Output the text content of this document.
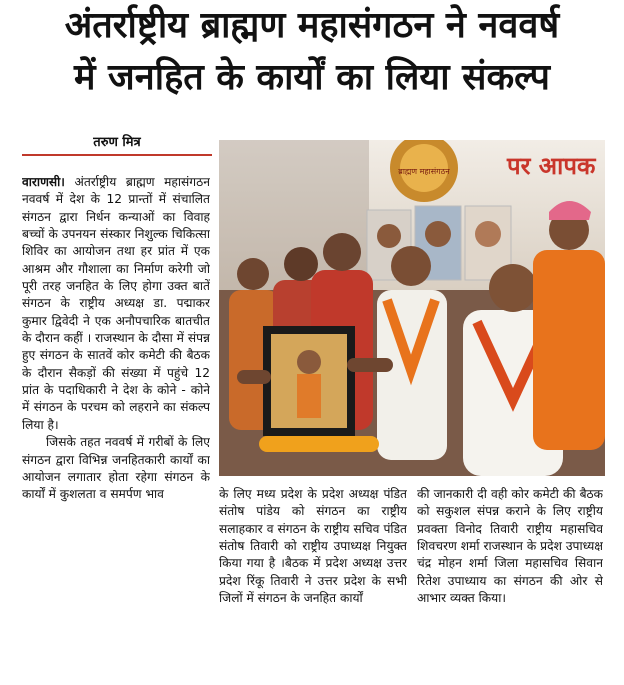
अंतर्राष्ट्रीय ब्राह्मण महासंगठन ने नववर्ष
में जनहित के कार्यों का लिया संकल्प
तरुण मित्र

वाराणसी। अंतर्राष्ट्रीय ब्राह्मण महासंगठन नववर्ष में देश के 12 प्रान्तों में संचालित संगठन द्वारा निर्धन कन्याओं का विवाह बच्चों के उपनयन संस्कार निशुल्क चिकित्सा शिविर का आयोजन तथा हर प्रांत में एक आश्रम और गौशाला का निर्माण करेगी जो पूरी तरह जनहित के लिए होगा उक्त बातें संगठन के राष्ट्रीय अध्यक्ष डा. पद्माकर कुमार द्विवेदी ने एक अनौपचारिक बातचीत के दौरान कहीं । राजस्थान के दौसा में संपन्न हुए संगठन के सातवें कोर कमेटी की बैठक के दौरान सैकड़ों की संख्या में पहुंचे 12 प्रांत के पदाधिकारी ने देश के कोने - कोने में संगठन के परचम को लहराने का संकल्प लिया है।

जिसके तहत नववर्ष में गरीबों के लिए संगठन द्वारा विभिन्न जनहितकारी कार्यों का आयोजन लगातार होता रहेगा संगठन के कार्यों में कुशलता व समर्पण भाव	के लिए मध्य प्रदेश के प्रदेश अध्यक्ष पंडित संतोष पांडेय को संगठन का राष्ट्रीय सलाहकार व संगठन के राष्ट्रीय सचिव पंडित संतोष तिवारी को राष्ट्रीय उपाध्यक्ष नियुक्त किया गया है ।बैठक में प्रदेश अध्यक्ष उत्तर प्रदेश रिंकू तिवारी ने उत्तर प्रदेश के सभी जिलों में संगठन के जनहित कार्यों

की जानकारी दी वही कोर कमेटी की बैठक को सकुशल संपन्न कराने के लिए राष्ट्रीय प्रवक्ता विनोद तिवारी राष्ट्रीय महासचिव शिवचरण शर्मा राजस्थान के प्रदेश उपाध्यक्ष चंद्र मोहन शर्मा जिला महासचिव सिवान रितेश उपाध्याय का संगठन की ओर से आभार व्यक्त किया।

ब्राह्मण महासंगठन पर आपक
